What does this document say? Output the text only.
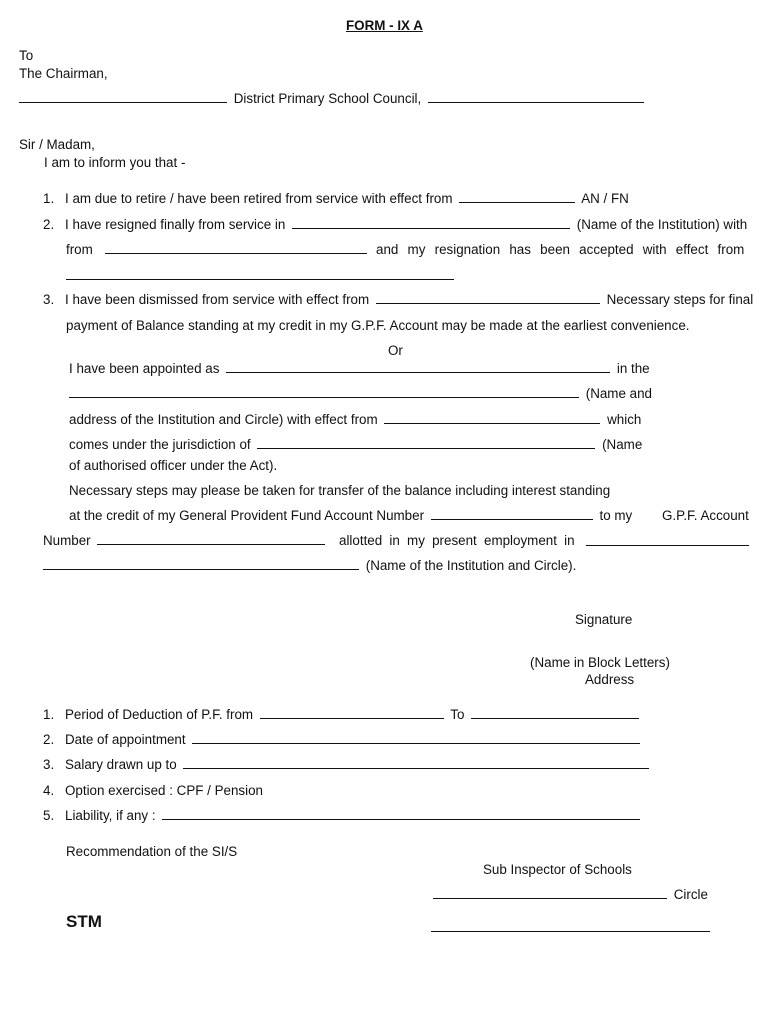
FORM - IX A
To
The Chairman,
District Primary School Council,
Sir / Madam,
I am to inform you that -
1. I am due to retire / have been retired from service with effect from	AN / FN
2. I have resigned finally from service in	(Name of the Institution) with
from	and my resignation has been accepted with effect from
3. I have been dismissed from service with effect from	Necessary steps for final
payment of Balance standing at my credit in my G.P.F. Account may be made at the earliest convenience.
Or
I have been appointed as	in the
(Name and
address of the Institution and Circle) with effect from	which
comes under the jurisdiction of	(Name
of authorised officer under the Act).
Necessary steps may please be taken for transfer of the balance including interest standing
at the credit of my General Provident Fund Account Number	to my G.P.F. Account
Number	allotted in my present employment in
(Name of the Institution and Circle).
Signature
(Name in Block Letters)
Address
1. Period of Deduction of P.F. from	To
2. Date of appointment
3. Salary drawn up to
4. Option exercised : CPF / Pension
5. Liability, if any :
Recommendation of the SI/S
Sub Inspector of Schools
Circle
STM
